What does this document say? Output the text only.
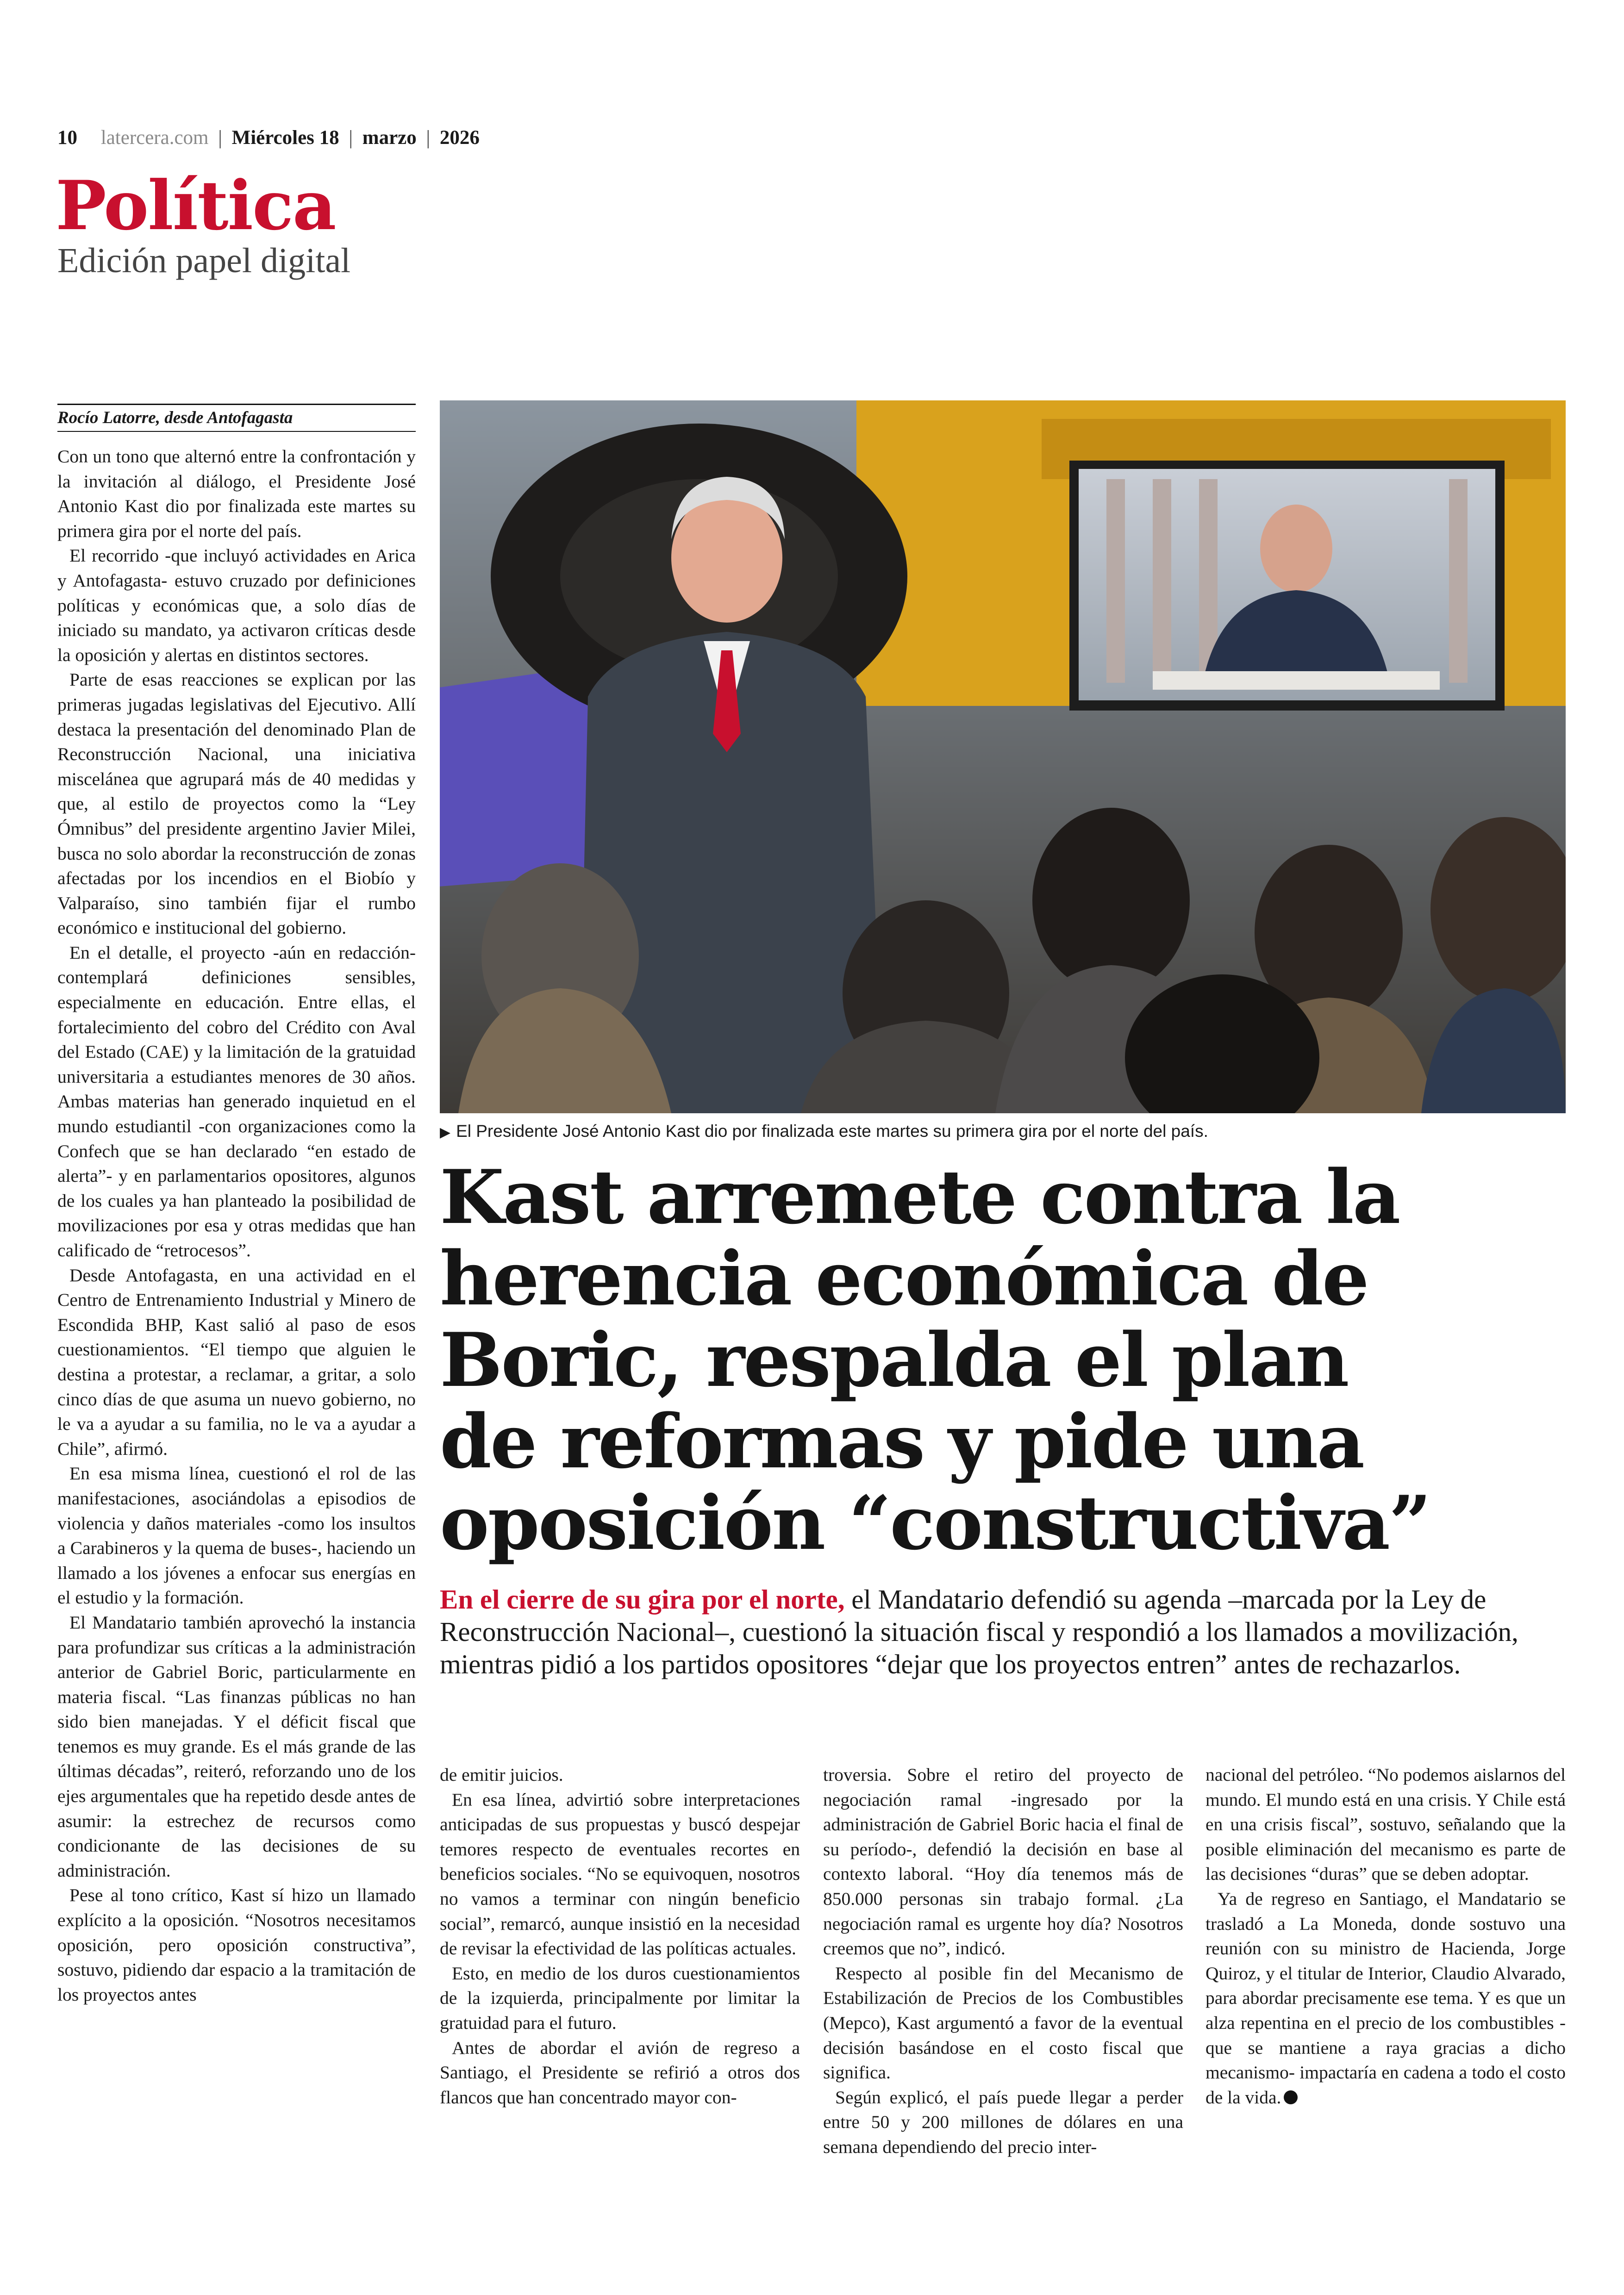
10 latercera.com | Miércoles 18 | marzo | 2026
Política
Edición papel digital
Rocío Latorre, desde Antofagasta

Con un tono que alternó entre la confrontación y la invitación al diálogo, el Presidente José Antonio Kast dio por finalizada este martes su primera gira por el norte del país.

El recorrido -que incluyó actividades en Arica y Antofagasta- estuvo cruzado por definiciones políticas y económicas que, a solo días de iniciado su mandato, ya activaron críticas desde la oposición y alertas en distintos sectores.

Parte de esas reacciones se explican por las primeras jugadas legislativas del Ejecutivo. Allí destaca la presentación del denominado Plan de Reconstrucción Nacional, una iniciativa misceláneа que agrupará más de 40 medidas y que, al estilo de proyectos como la “Ley Ómnibus” del presidente argentino Javier Milei, busca no solo abordar la reconstrucción de zonas afectadas por los incendios en el Biobío y Valparaíso, sino también fijar el rumbo económico e institucional del gobierno.

En el detalle, el proyecto -aún en redacción- contemplará definiciones sensibles, especialmente en educación. Entre ellas, el fortalecimiento del cobro del Crédito con Aval del Estado (CAE) y la limitación de la gratuidad universitaria a estudiantes menores de 30 años. Ambas materias han generado inquietud en el mundo estudiantil -con organizaciones como la Confech que se han declarado “en estado de alerta”- y en parlamentarios opositores, algunos de los cuales ya han planteado la posibilidad de movilizaciones por esa y otras medidas que han calificado de “retrocesos”.

Desde Antofagasta, en una actividad en el Centro de Entrenamiento Industrial y Minero de Escondida BHP, Kast salió al paso de esos cuestionamientos. “El tiempo que alguien le destina a protestar, a reclamar, a gritar, a solo cinco días de que asuma un nuevo gobierno, no le va a ayudar a su familia, no le va a ayudar a Chile”, afirmó.

En esa misma línea, cuestionó el rol de las manifestaciones, asociándolas a episodios de violencia y daños materiales -como los insultos a Carabineros y la quema de buses-, haciendo un llamado a los jóvenes a enfocar sus energías en el estudio y la formación.

El Mandatario también aprovechó la instancia para profundizar sus críticas a la administración anterior de Gabriel Boric, particularmente en materia fiscal. “Las finanzas públicas no han sido bien manejadas. Y el déficit fiscal que tenemos es muy grande. Es el más grande de las últimas décadas”, reiteró, reforzando uno de los ejes argumentales que ha repetido desde antes de asumir: la estrechez de recursos como condicionante de las decisiones de su administración.

Pese al tono crítico, Kast sí hizo un llamado explícito a la oposición. “Nosotros necesitamos oposición, pero oposición constructiva”, sostuvo, pidiendo dar espacio a la tramitación de los proyectos antes

▶ El Presidente José Antonio Kast dio por finalizada este martes su primera gira por el norte del país.
Kast arremete contra la
herencia económica de
Boric, respalda el plan
de reformas y pide una
oposición “constructiva”
En el cierre de su gira por el norte, el Mandatario defendió su agenda –marcada por la Ley de Reconstrucción Nacional–, cuestionó la situación fiscal y respondió a los llamados a movilización, mientras pidió a los partidos opositores “dejar que los proyectos entren” antes de rechazarlos.

de emitir juicios.

En esa línea, advirtió sobre interpretaciones anticipadas de sus propuestas y buscó despejar temores respecto de eventuales recortes en beneficios sociales. “No se equivoquen, nosotros no vamos a terminar con ningún beneficio social”, remarcó, aunque insistió en la necesidad de revisar la efectividad de las políticas actuales.

Esto, en medio de los duros cuestionamientos de la izquierda, principalmente por limitar la gratuidad para el futuro.

Antes de abordar el avión de regreso a Santiago, el Presidente se refirió a otros dos flancos que han concentrado mayor con-

troversia. Sobre el retiro del proyecto de negociación ramal -ingresado por la administración de Gabriel Boric hacia el final de su período-, defendió la decisión en base al contexto laboral. “Hoy día tenemos más de 850.000 personas sin trabajo formal. ¿La negociación ramal es urgente hoy día? Nosotros creemos que no”, indicó.

Respecto al posible fin del Mecanismo de Estabilización de Precios de los Combustibles (Mepco), Kast argumentó a favor de la eventual decisión basándose en el costo fiscal que significa.

Según explicó, el país puede llegar a perder entre 50 y 200 millones de dólares en una semana dependiendo del precio inter-

nacional del petróleo. “No podemos aislarnos del mundo. El mundo está en una crisis. Y Chile está en una crisis fiscal”, sostuvo, señalando que la posible eliminación del mecanismo es parte de las decisiones “duras” que se deben adoptar.

Ya de regreso en Santiago, el Mandatario se trasladó a La Moneda, donde sostuvo una reunión con su ministro de Hacienda, Jorge Quiroz, y el titular de Interior, Claudio Alvarado, para abordar precisamente ese tema. Y es que un alza repentina en el precio de los combustibles -que se mantiene a raya gracias a dicho mecanismo- impactaría en cadena a todo el costo de la vida.
